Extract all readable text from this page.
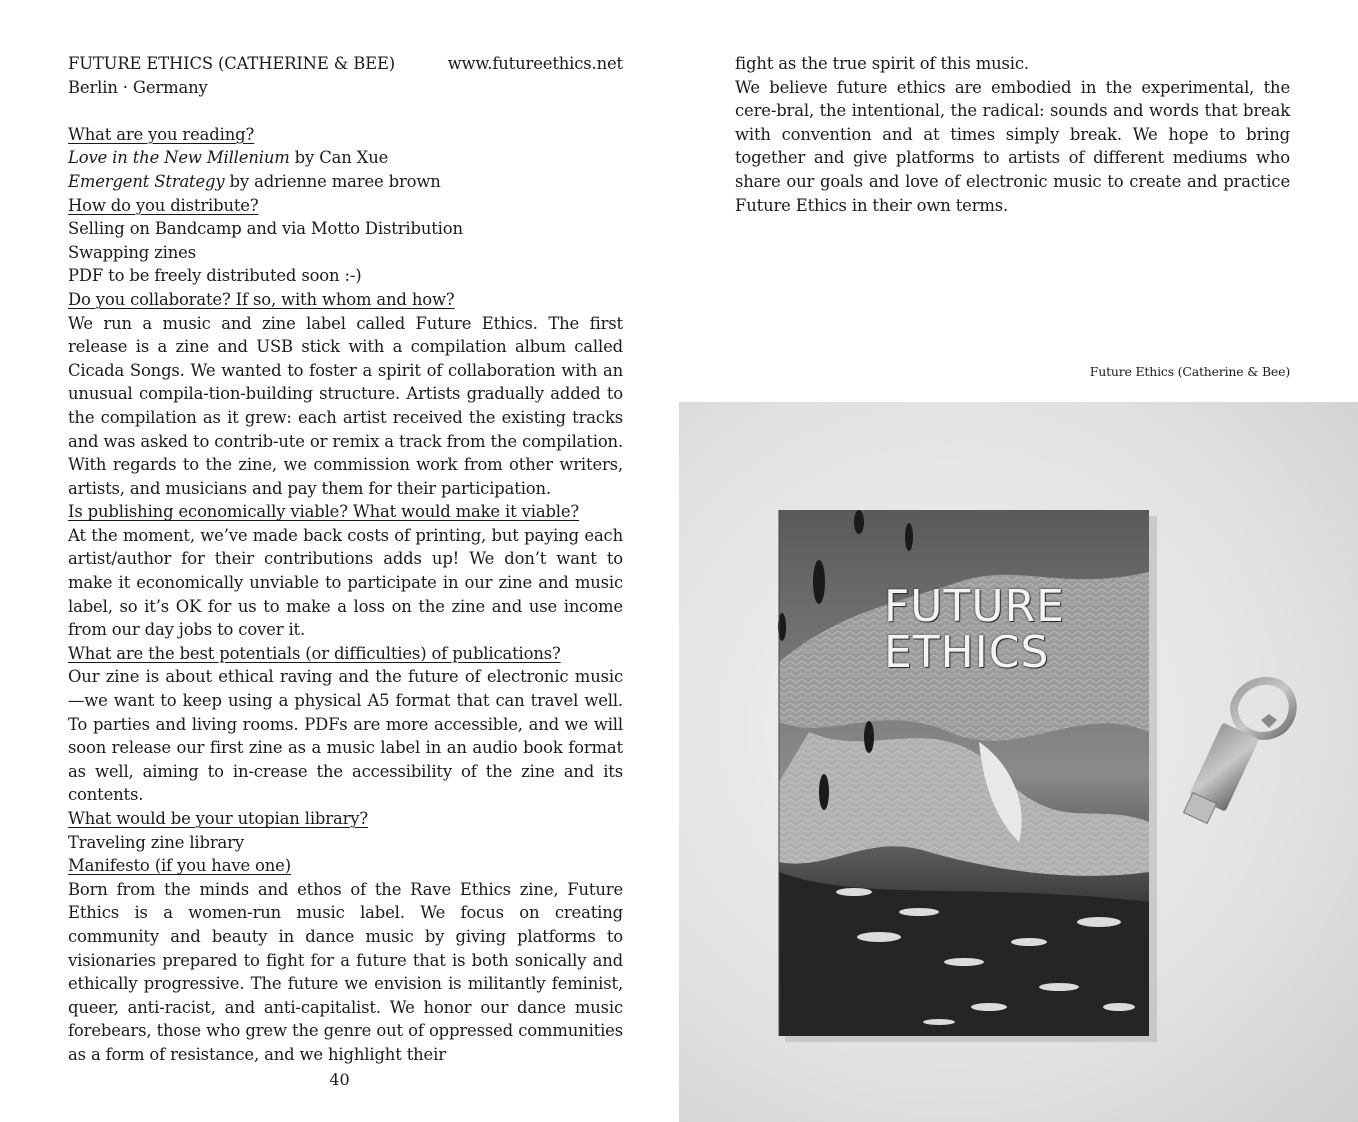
FUTURE ETHICS (CATHERINE & BEE)	www.futureethics.net
Berlin · Germany
What are you reading?
Love in the New Millenium by Can Xue
Emergent Strategy by adrienne maree brown
How do you distribute?
Selling on Bandcamp and via Motto Distribution
Swapping zines
PDF to be freely distributed soon :-)
Do you collaborate? If so, with whom and how?
We run a music and zine label called Future Ethics. The first release is a zine and USB stick with a compilation album called Cicada Songs. We wanted to foster a spirit of collaboration with an unusual compila-tion-building structure. Artists gradually added to the compilation as it grew: each artist received the existing tracks and was asked to contrib-ute or remix a track from the compilation. With regards to the zine, we commission work from other writers, artists, and musicians and pay them for their participation.
Is publishing economically viable? What would make it viable?
At the moment, we’ve made back costs of printing, but paying each artist/author for their contributions adds up! We don’t want to make it economically unviable to participate in our zine and music label, so it’s OK for us to make a loss on the zine and use income from our day jobs to cover it.
What are the best potentials (or difficulties) of publications?
Our zine is about ethical raving and the future of electronic music—we want to keep using a physical A5 format that can travel well. To parties and living rooms. PDFs are more accessible, and we will soon release our first zine as a music label in an audio book format as well, aiming to in-crease the accessibility of the zine and its contents.
What would be your utopian library?
Traveling zine library
Manifesto (if you have one)
Born from the minds and ethos of the Rave Ethics zine, Future Ethics is a women-run music label. We focus on creating community and beauty in dance music by giving platforms to visionaries prepared to fight for a future that is both sonically and ethically progressive. The future we envision is militantly feminist, queer, anti-racist, and anti-capitalist. We honor our dance music forebears, those who grew the genre out of oppressed communities as a form of resistance, and we highlight their
40
fight as the true spirit of this music.
We believe future ethics are embodied in the experimental, the cere-bral, the intentional, the radical: sounds and words that break with convention and at times simply break. We hope to bring together and give platforms to artists of different mediums who share our goals and love of electronic music to create and practice Future Ethics in their own terms.
Future Ethics (Catherine & Bee)
FUTURE
ETHICS
